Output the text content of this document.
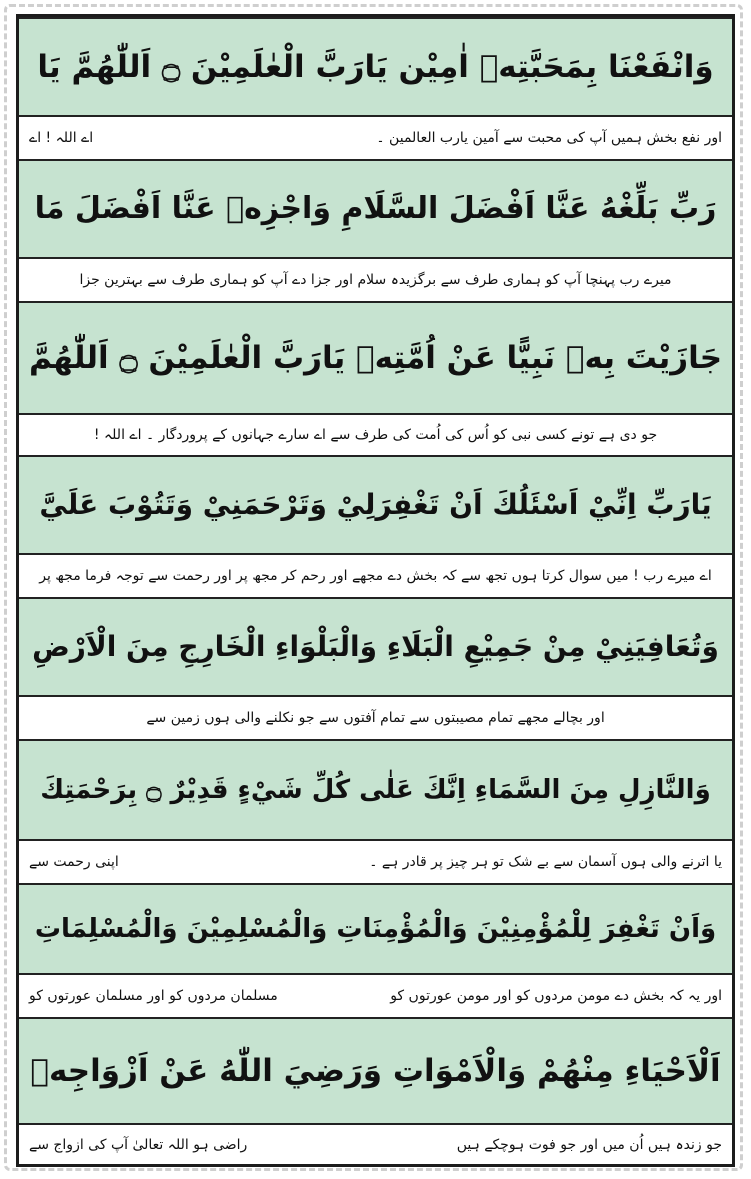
وَانْفَعْنَا بِمَحَبَّتِهٖ اٰمِيْن يَارَبَّ الْعٰلَمِيْنَ ۝ اَللّٰهُمَّ يَا
اور نفع بخش ہمیں آپ کی محبت سے آمین یارب العالمین ۔
اے اللہ ! اے
رَبِّ بَلِّغْهُ عَنَّا اَفْضَلَ السَّلَامِ وَاجْزِهٖ عَنَّا اَفْضَلَ مَا
میرے رب پہنچا آپ کو ہماری طرف سے برگزیدہ سلام اور جزا دے آپ کو ہماری طرف سے بہترین جزا
جَازَيْتَ بِهٖ نَبِيًّا عَنْ اُمَّتِهٖ يَارَبَّ الْعٰلَمِيْنَ ۝ اَللّٰهُمَّ
جو دی ہے تونے کسی نبی کو اُس کی اُمت کی طرف سے اے سارے جہانوں کے پروردگار ۔ اے اللہ !
يَارَبِّ اِنِّيْ اَسْئَلُكَ اَنْ تَغْفِرَلِيْ وَتَرْحَمَنِيْ وَتَتُوْبَ عَلَيَّ
اے میرے رب ! میں سوال کرتا ہوں تجھ سے کہ بخش دے مجھے اور رحم کر مجھ پر اور رحمت سے توجہ فرما مجھ پر
وَتُعَافِيَنِيْ مِنْ جَمِيْعِ الْبَلَاءِ وَالْبَلْوَاءِ الْخَارِجِ مِنَ الْاَرْضِ
اور بچالے مجھے تمام مصیبتوں سے تمام آفتوں سے جو نکلنے والی ہوں زمین سے
وَالنَّازِلِ مِنَ السَّمَاءِ اِنَّكَ عَلٰى كُلِّ شَيْءٍ قَدِيْرٌ ۝ بِرَحْمَتِكَ
یا اترنے والی ہوں آسمان سے بے شک تو ہر چیز پر قادر ہے ۔
اپنی رحمت سے
وَاَنْ تَغْفِرَ لِلْمُؤْمِنِيْنَ وَالْمُؤْمِنَاتِ وَالْمُسْلِمِيْنَ وَالْمُسْلِمَاتِ
اور یہ کہ بخش دے مومن مردوں کو اور مومن عورتوں کو
مسلمان مردوں کو اور مسلمان عورتوں کو
اَلْاَحْيَاءِ مِنْهُمْ وَالْاَمْوَاتِ وَرَضِيَ اللّٰهُ عَنْ اَزْوَاجِهٖ
جو زندہ ہیں اُن میں اور جو فوت ہوچکے ہیں
راضی ہو اللہ تعالیٰ آپ کی ازواج سے
